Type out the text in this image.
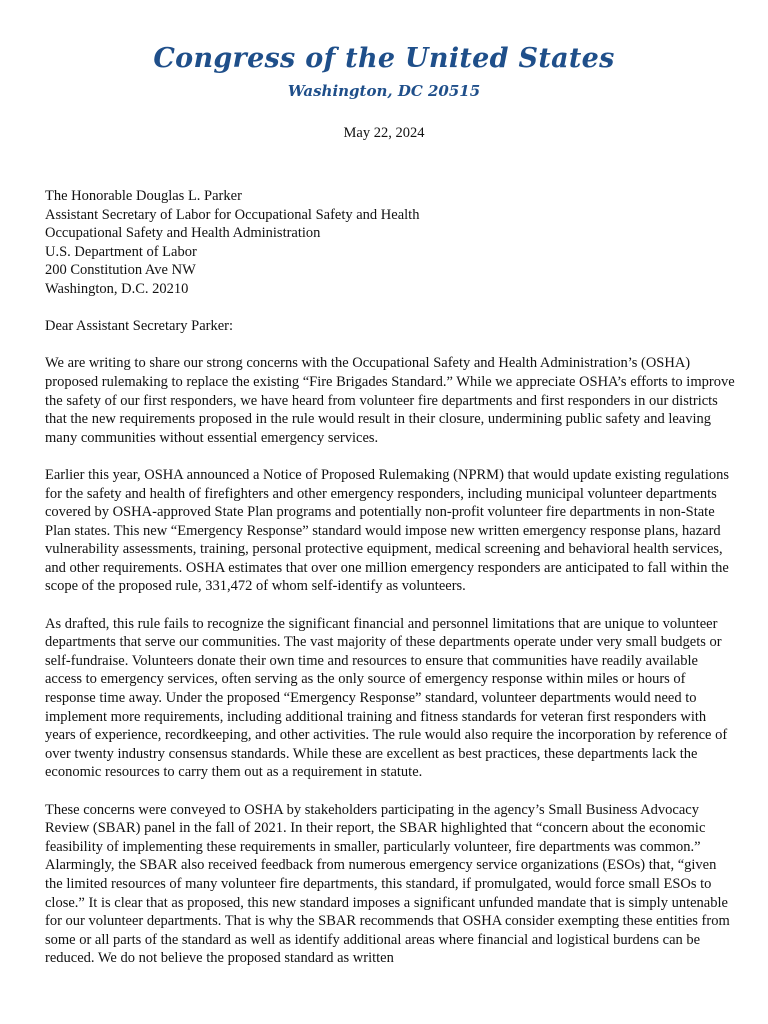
Congress of the United States
Washington, DC 20515
May 22, 2024
The Honorable Douglas L. Parker
Assistant Secretary of Labor for Occupational Safety and Health
Occupational Safety and Health Administration
U.S. Department of Labor
200 Constitution Ave NW
Washington, D.C. 20210
Dear Assistant Secretary Parker:

We are writing to share our strong concerns with the Occupational Safety and Health Administration’s (OSHA) proposed rulemaking to replace the existing “Fire Brigades Standard.” While we appreciate OSHA’s efforts to improve the safety of our first responders, we have heard from volunteer fire departments and first responders in our districts that the new requirements proposed in the rule would result in their closure, undermining public safety and leaving many communities without essential emergency services.

Earlier this year, OSHA announced a Notice of Proposed Rulemaking (NPRM) that would update existing regulations for the safety and health of firefighters and other emergency responders, including municipal volunteer departments covered by OSHA-approved State Plan programs and potentially non-profit volunteer fire departments in non-State Plan states. This new “Emergency Response” standard would impose new written emergency response plans, hazard vulnerability assessments, training, personal protective equipment, medical screening and behavioral health services, and other requirements. OSHA estimates that over one million emergency responders are anticipated to fall within the scope of the proposed rule, 331,472 of whom self-identify as volunteers.

As drafted, this rule fails to recognize the significant financial and personnel limitations that are unique to volunteer departments that serve our communities. The vast majority of these departments operate under very small budgets or self-fundraise. Volunteers donate their own time and resources to ensure that communities have readily available access to emergency services, often serving as the only source of emergency response within miles or hours of response time away. Under the proposed “Emergency Response” standard, volunteer departments would need to implement more requirements, including additional training and fitness standards for veteran first responders with years of experience, recordkeeping, and other activities. The rule would also require the incorporation by reference of over twenty industry consensus standards. While these are excellent as best practices, these departments lack the economic resources to carry them out as a requirement in statute.

These concerns were conveyed to OSHA by stakeholders participating in the agency’s Small Business Advocacy Review (SBAR) panel in the fall of 2021. In their report, the SBAR highlighted that “concern about the economic feasibility of implementing these requirements in smaller, particularly volunteer, fire departments was common.” Alarmingly, the SBAR also received feedback from numerous emergency service organizations (ESOs) that, “given the limited resources of many volunteer fire departments, this standard, if promulgated, would force small ESOs to close.” It is clear that as proposed, this new standard imposes a significant unfunded mandate that is simply untenable for our volunteer departments. That is why the SBAR recommends that OSHA consider exempting these entities from some or all parts of the standard as well as identify additional areas where financial and logistical burdens can be reduced. We do not believe the proposed standard as written
